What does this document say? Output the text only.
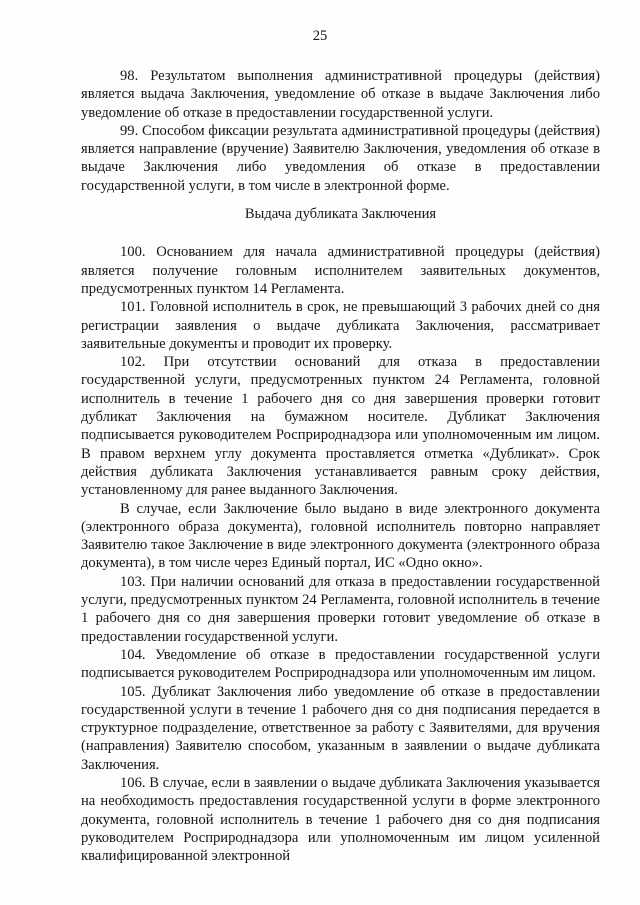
25

98. Результатом выполнения административной процедуры (действия) является выдача Заключения, уведомление об отказе в выдаче Заключения либо уведомление об отказе в предоставлении государственной услуги.

99. Способом фиксации результата административной процедуры (действия) является направление (вручение) Заявителю Заключения, уведомления об отказе в выдаче Заключения либо уведомления об отказе в предоставлении государственной услуги, в том числе в электронной форме.

Выдача дубликата Заключения

100. Основанием для начала административной процедуры (действия) является получение головным исполнителем заявительных документов, предусмотренных пунктом 14 Регламента.

101. Головной исполнитель в срок, не превышающий 3 рабочих дней со дня регистрации заявления о выдаче дубликата Заключения, рассматривает заявительные документы и проводит их проверку.

102. При отсутствии оснований для отказа в предоставлении государственной услуги, предусмотренных пунктом 24 Регламента, головной исполнитель в течение 1 рабочего дня со дня завершения проверки готовит дубликат Заключения на бумажном носителе. Дубликат Заключения подписывается руководителем Росприроднадзора или уполномоченным им лицом. В правом верхнем углу документа проставляется отметка «Дубликат». Срок действия дубликата Заключения устанавливается равным сроку действия, установленному для ранее выданного Заключения.

В случае, если Заключение было выдано в виде электронного документа (электронного образа документа), головной исполнитель повторно направляет Заявителю такое Заключение в виде электронного документа (электронного образа документа), в том числе через Единый портал, ИС «Одно окно».

103. При наличии оснований для отказа в предоставлении государственной услуги, предусмотренных пунктом 24 Регламента, головной исполнитель в течение 1 рабочего дня со дня завершения проверки готовит уведомление об отказе в предоставлении государственной услуги.

104. Уведомление об отказе в предоставлении государственной услуги подписывается руководителем Росприроднадзора или уполномоченным им лицом.

105. Дубликат Заключения либо уведомление об отказе в предоставлении государственной услуги в течение 1 рабочего дня со дня подписания передается в структурное подразделение, ответственное за работу с Заявителями, для вручения (направления) Заявителю способом, указанным в заявлении о выдаче дубликата Заключения.

106. В случае, если в заявлении о выдаче дубликата Заключения указывается на необходимость предоставления государственной услуги в форме электронного документа, головной исполнитель в течение 1 рабочего дня со дня подписания руководителем Росприроднадзора или уполномоченным им лицом усиленной квалифицированной электронной
